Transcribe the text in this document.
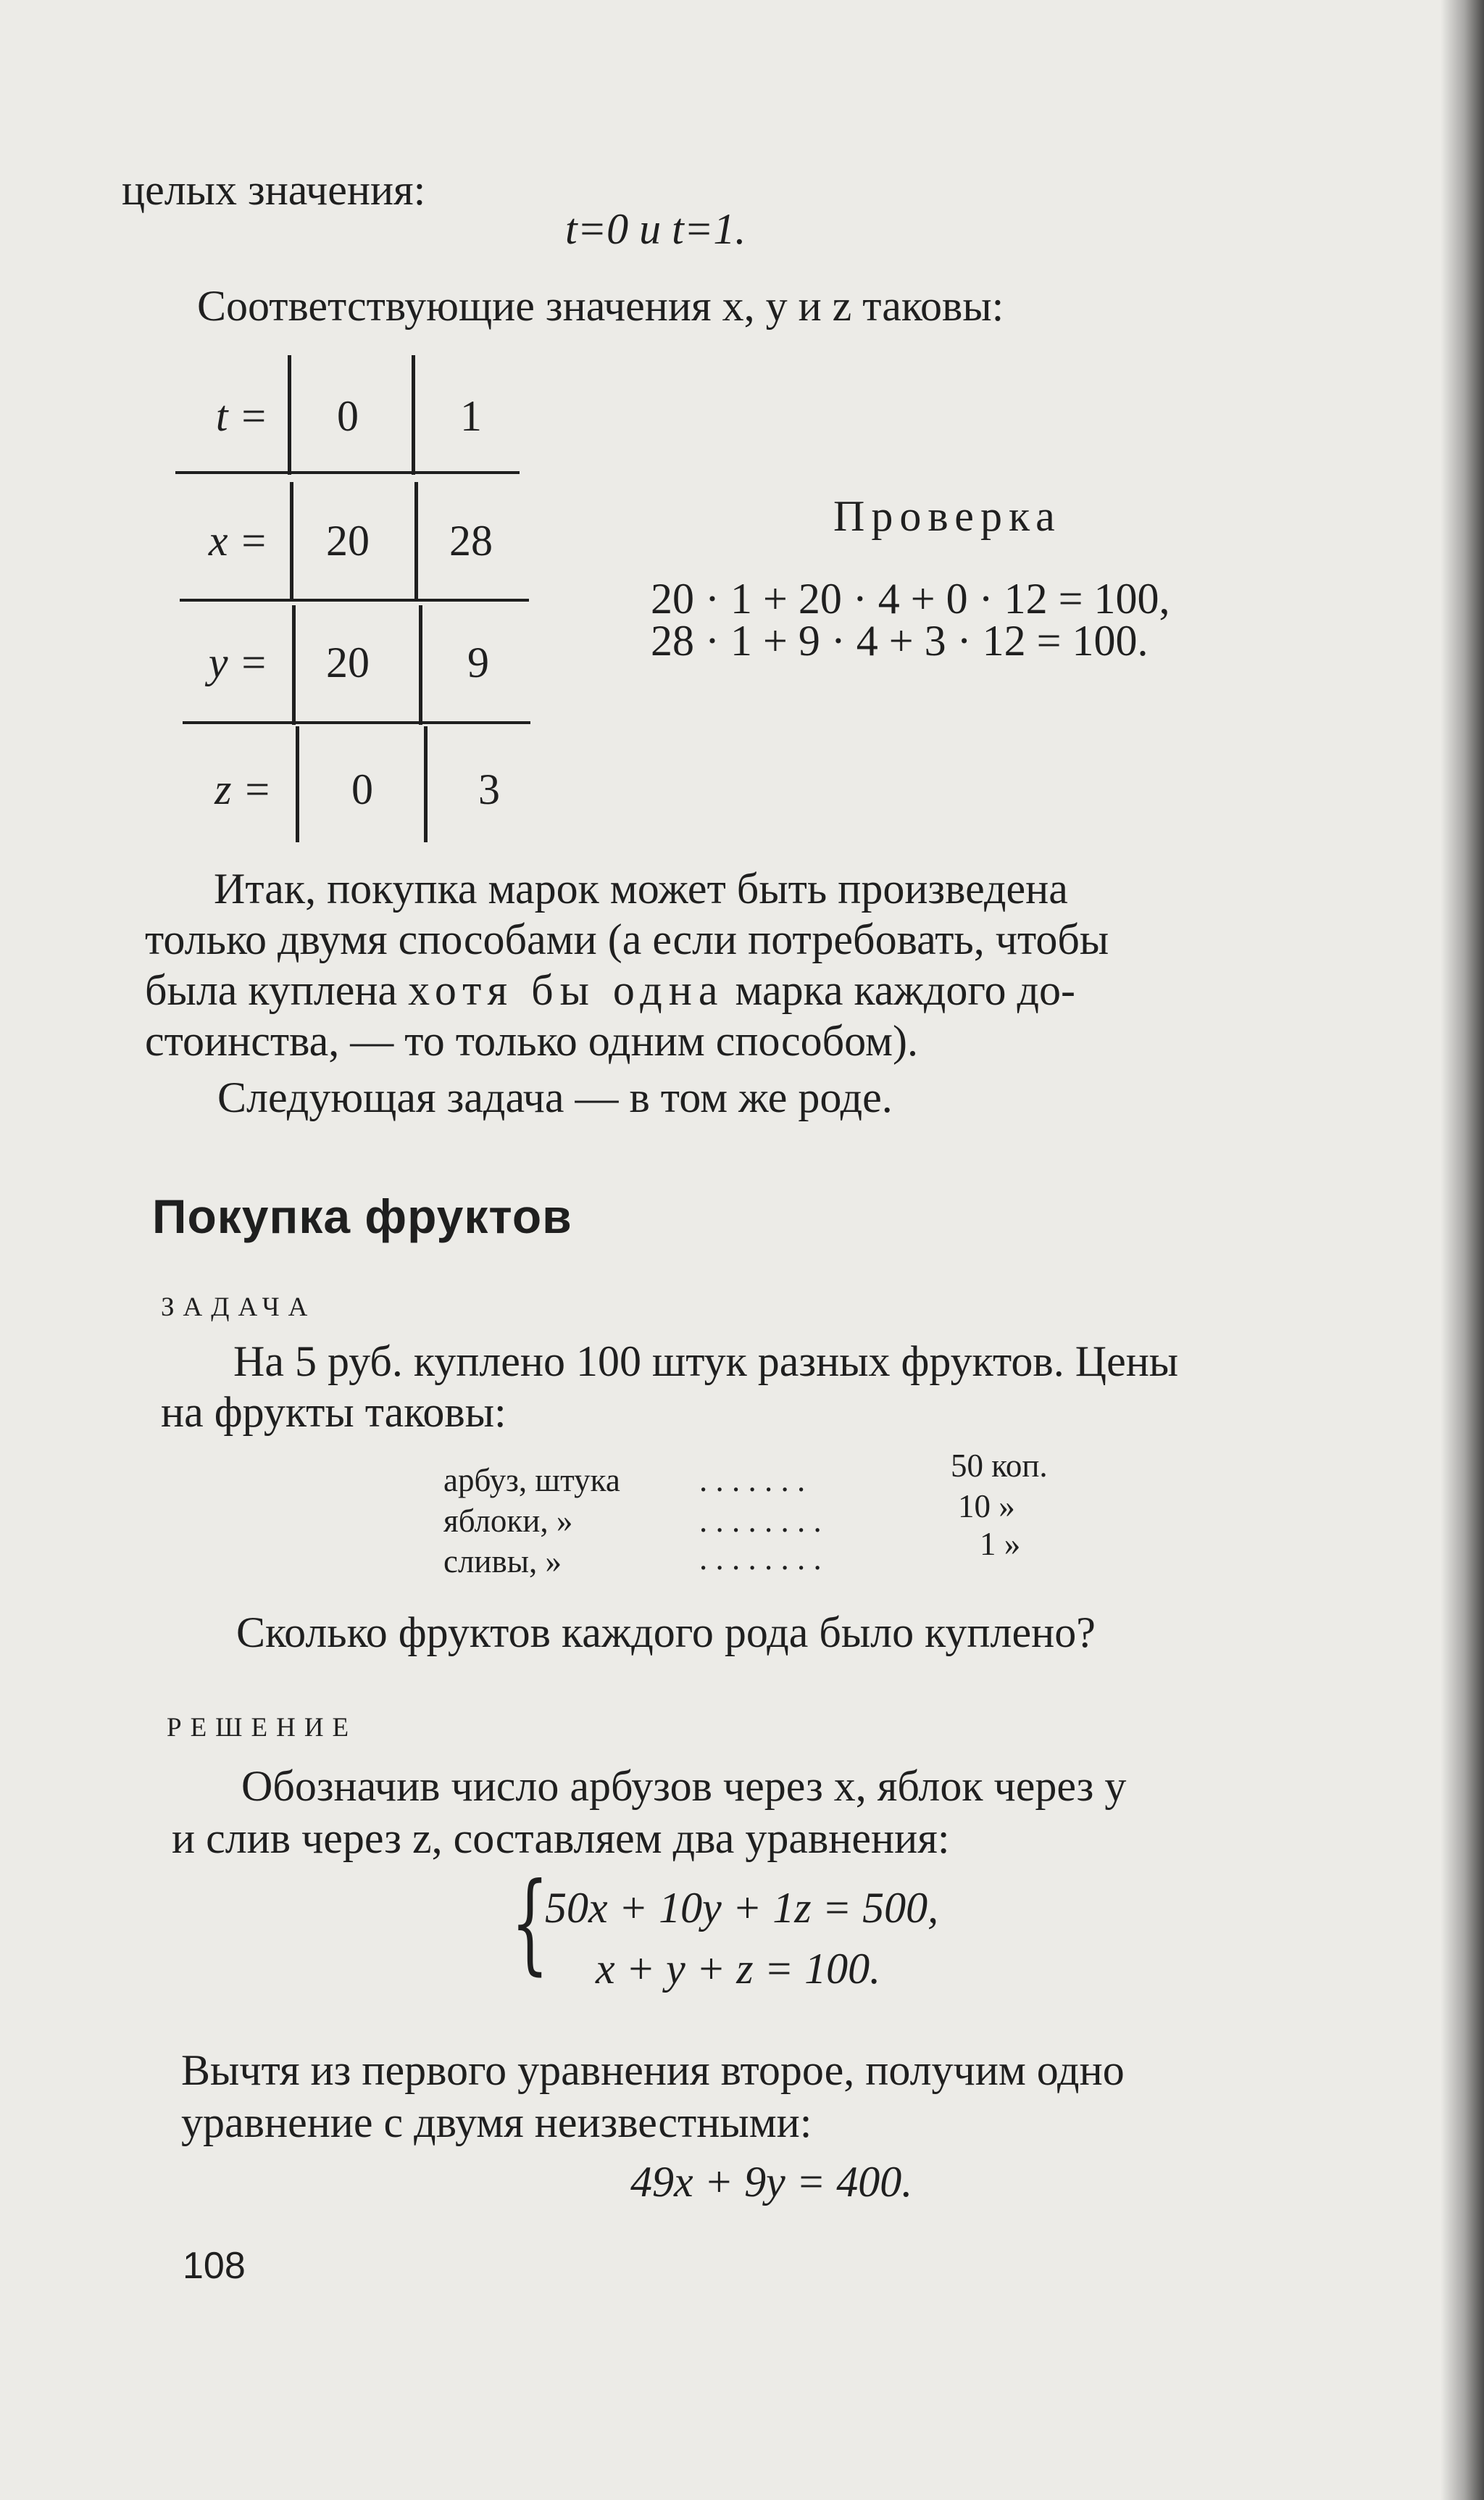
целых значения:
t=0 и t=1.
Соответствующие значения x, y и z таковы:
t =	0	1
x =	20	28
y =	20	9
z =	0	3
Проверка
20 · 1 + 20 · 4 + 0 · 12 = 100,
28 · 1 + 9 · 4 + 3 · 12 = 100.
Итак, покупка марок может быть произведена
только двумя способами (а если потребовать, чтобы
была куплена хотя бы одна марка каждого до-
стоинства, — то только одним способом).
Следующая задача — в том же роде.
Покупка фруктов
ЗАДАЧА
На 5 руб. куплено 100 штук разных фруктов. Цены
на фрукты таковы:
арбуз, штука . . . . . . .	50 коп.
яблоки, »	. . . . . . . .	10 »
сливы, »	. . . . . . . .	1 »
Сколько фруктов каждого рода было куплено?
РЕШЕНИЕ
Обозначив число арбузов через x, яблок через y
и слив через z, составляем два уравнения:
{
50x + 10y + 1z = 500,
x + y + z = 100.
Вычтя из первого уравнения второе, получим одно
уравнение с двумя неизвестными:
49x + 9y = 400.
108
